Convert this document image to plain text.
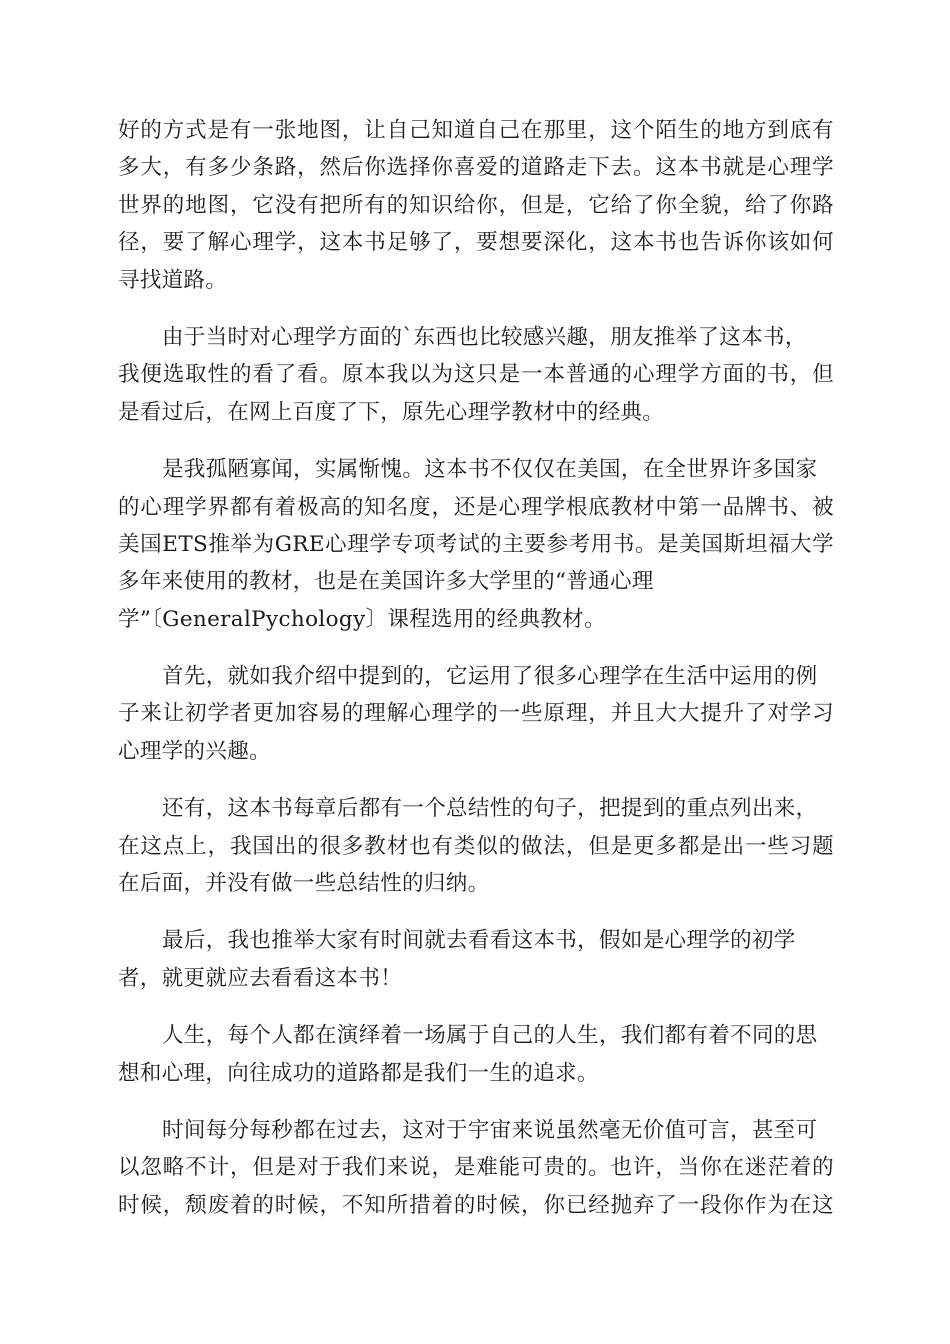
好的方式是有一张地图，让自己知道自己在那里，这个陌生的地方到底有
多大，有多少条路，然后你选择你喜爱的道路走下去。这本书就是心理学
世界的地图，它没有把所有的知识给你，但是，它给了你全貌，给了你路
径，要了解心理学，这本书足够了，要想要深化，这本书也告诉你该如何
寻找道路。
由于当时对心理学方面的`东西也比较感兴趣，朋友推举了这本书，
我便选取性的看了看。原本我以为这只是一本普通的心理学方面的书，但
是看过后，在网上百度了下，原先心理学教材中的经典。
是我孤陋寡闻，实属惭愧。这本书不仅仅在美国，在全世界许多国家
的心理学界都有着极高的知名度，还是心理学根底教材中第一品牌书、被
美国ETS推举为GRE心理学专项考试的主要参考用书。是美国斯坦福大学
多年来使用的教材，也是在美国许多大学里的“普通心理
学”〔GeneralPychology〕课程选用的经典教材。
首先，就如我介绍中提到的，它运用了很多心理学在生活中运用的例
子来让初学者更加容易的理解心理学的一些原理，并且大大提升了对学习
心理学的兴趣。
还有，这本书每章后都有一个总结性的句子，把提到的重点列出来，
在这点上，我国出的很多教材也有类似的做法，但是更多都是出一些习题
在后面，并没有做一些总结性的归纳。
最后，我也推举大家有时间就去看看这本书，假如是心理学的初学
者，就更就应去看看这本书！
人生，每个人都在演绎着一场属于自己的人生，我们都有着不同的思
想和心理，向往成功的道路都是我们一生的追求。
时间每分每秒都在过去，这对于宇宙来说虽然毫无价值可言，甚至可
以忽略不计，但是对于我们来说，是难能可贵的。也许，当你在迷茫着的
时候，颓废着的时候，不知所措着的时候，你已经抛弃了一段你作为在这
